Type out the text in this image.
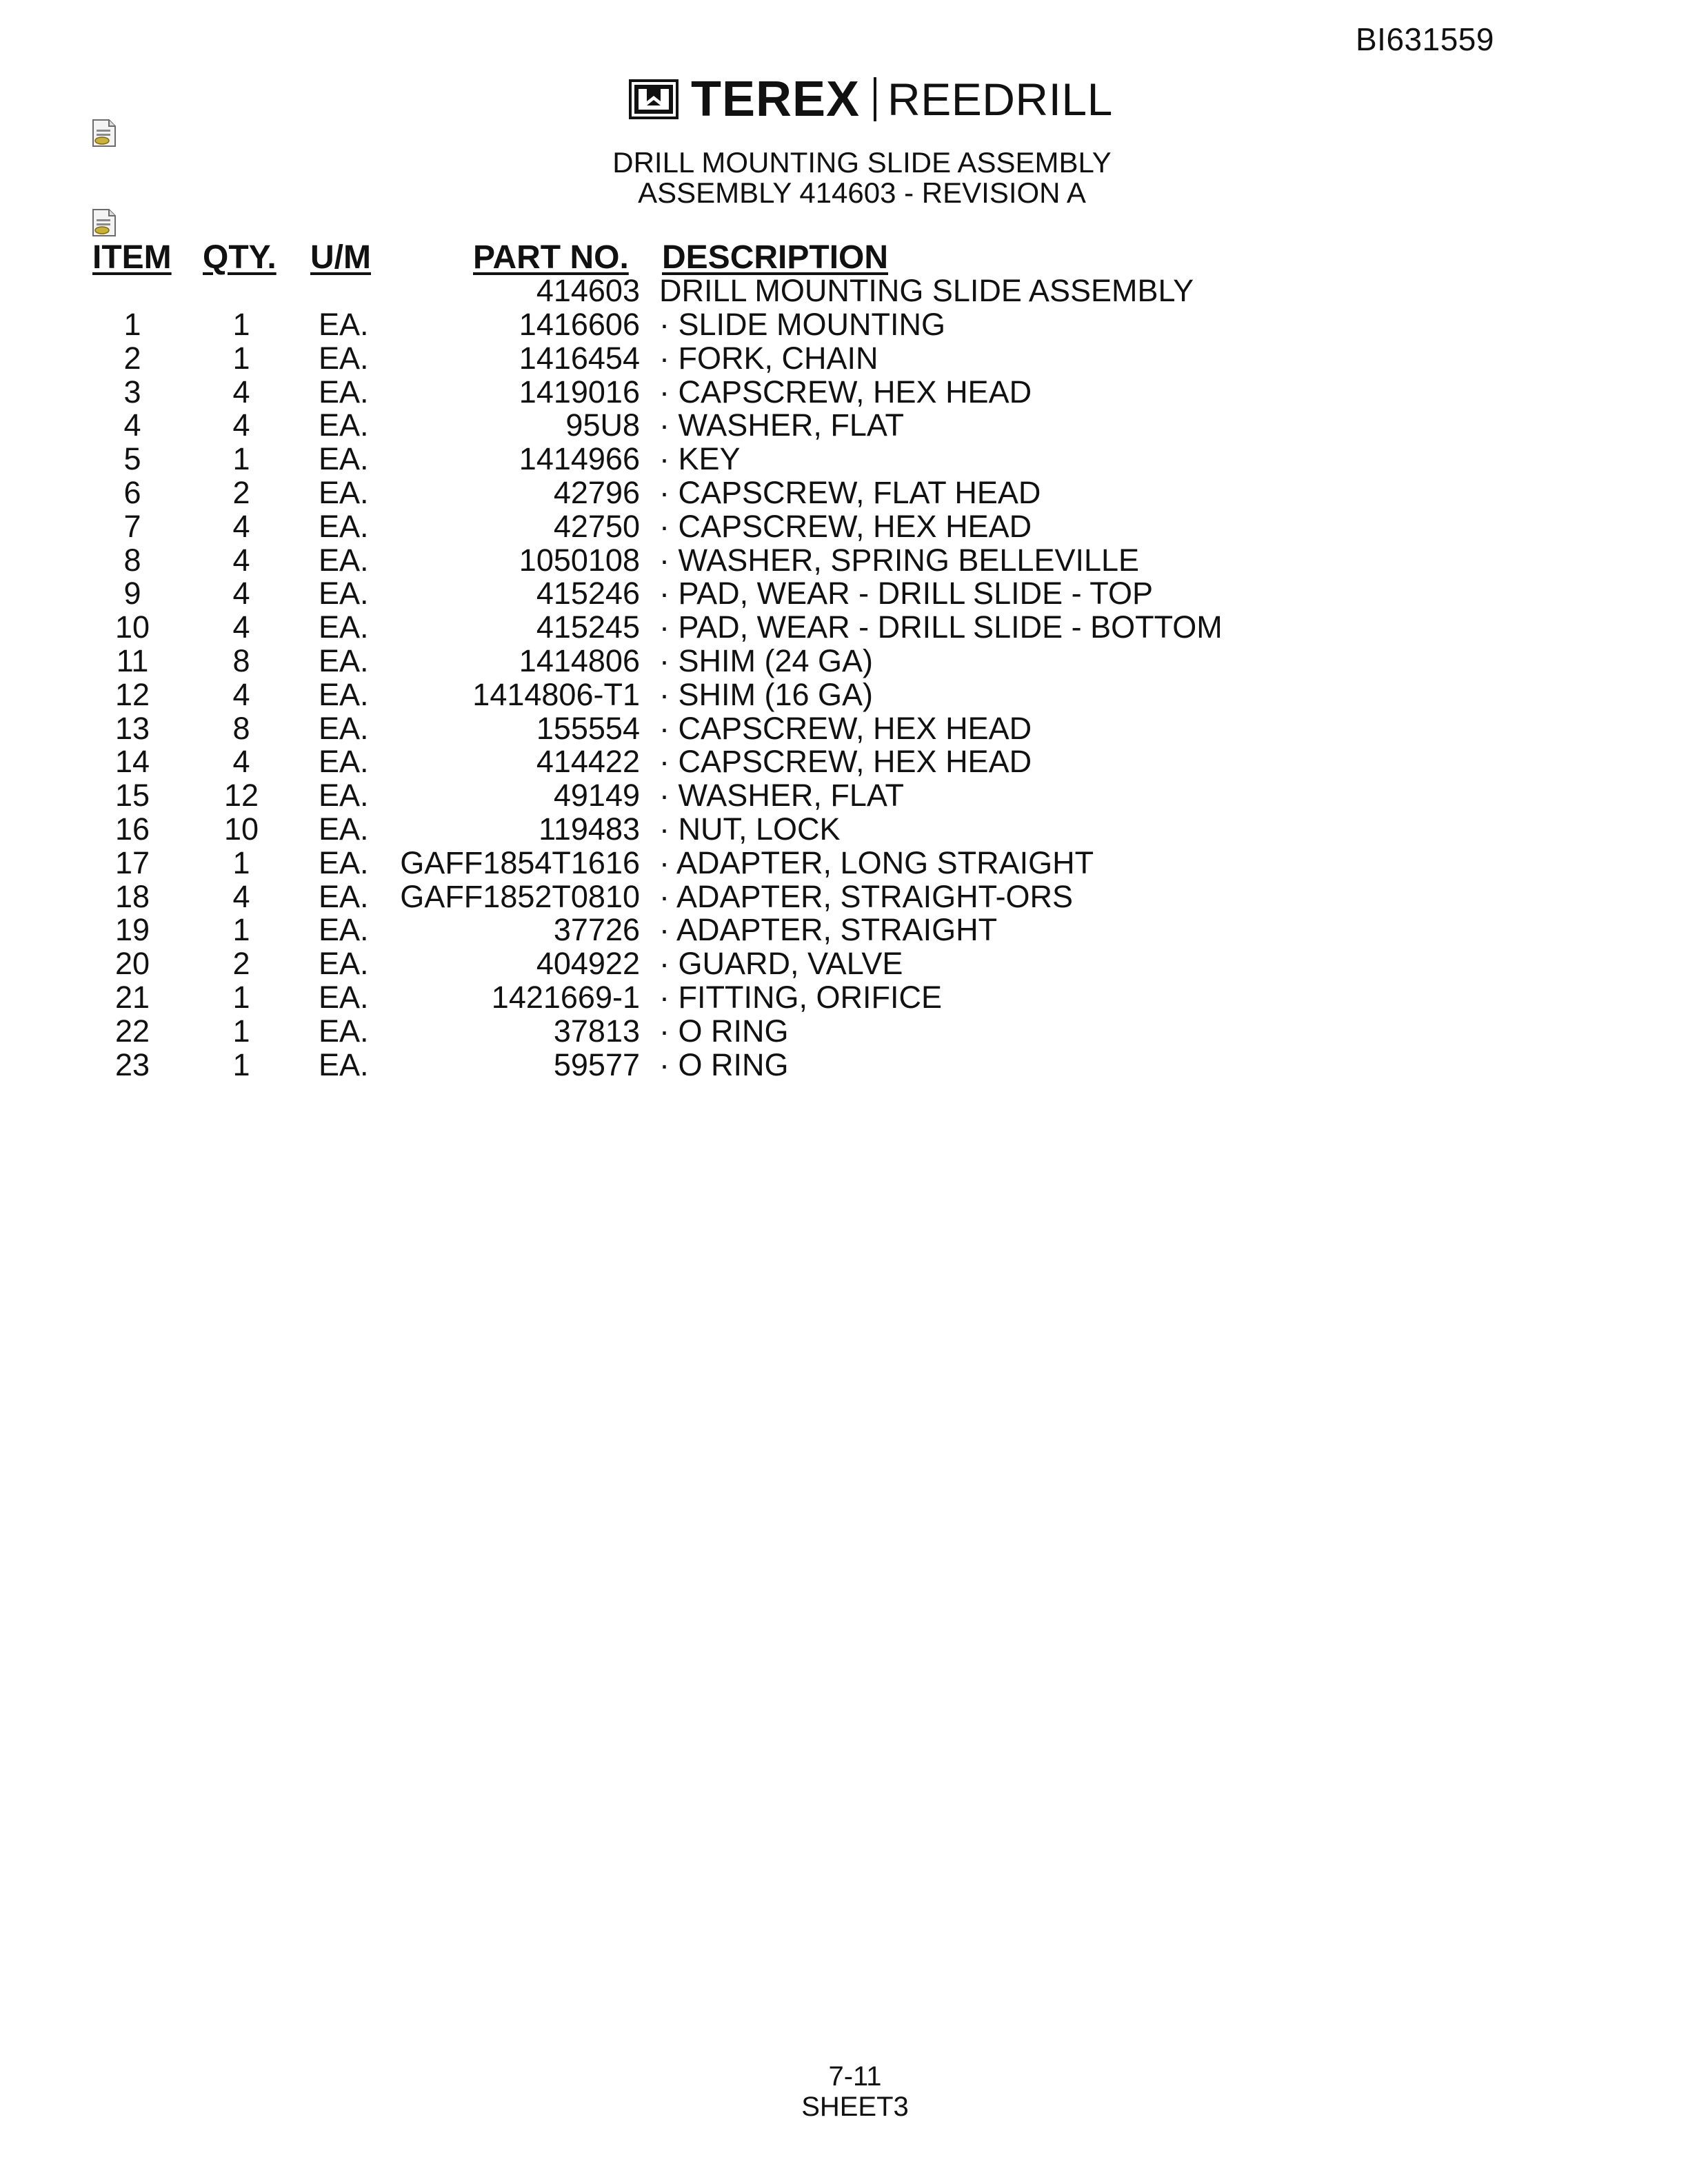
BI631559
TEREX REEDRILL
DRILL MOUNTING SLIDE ASSEMBLY
ASSEMBLY 414603 - REVISION A
ITEM QTY. U/M	PART NO. DESCRIPTION
414603 DRILL MOUNTING SLIDE ASSEMBLY
1	1	EA.	1416606 · SLIDE MOUNTING
2	1	EA.	1416454 · FORK, CHAIN
3	4	EA.	1419016 · CAPSCREW, HEX HEAD
4	4	EA.	95U8 · WASHER, FLAT
5	1	EA.	1414966 · KEY
6	2	EA.	42796 · CAPSCREW, FLAT HEAD
7	4	EA.	42750 · CAPSCREW, HEX HEAD
8	4	EA.	1050108 · WASHER, SPRING BELLEVILLE
9	4	EA.	415246 · PAD, WEAR - DRILL SLIDE - TOP
10	4	EA.	415245 · PAD, WEAR - DRILL SLIDE - BOTTOM
11	8	EA.	1414806 · SHIM (24 GA)
12	4	EA.	1414806-T1 · SHIM (16 GA)
13	8	EA.	155554 · CAPSCREW, HEX HEAD
14	4	EA.	414422 · CAPSCREW, HEX HEAD
15 12 EA.	49149 · WASHER, FLAT
16 10 EA.	119483 · NUT, LOCK
17	1	EA.	GAFF1854T1616 · ADAPTER, LONG STRAIGHT
18	4	EA.	GAFF1852T0810 · ADAPTER, STRAIGHT-ORS
19	1	EA.	37726 · ADAPTER, STRAIGHT
20	2	EA.	404922 · GUARD, VALVE
21	1	EA.	1421669-1 · FITTING, ORIFICE
22	1	EA.	37813 · O RING
23	1	EA.	59577 · O RING
7-11
SHEET3
